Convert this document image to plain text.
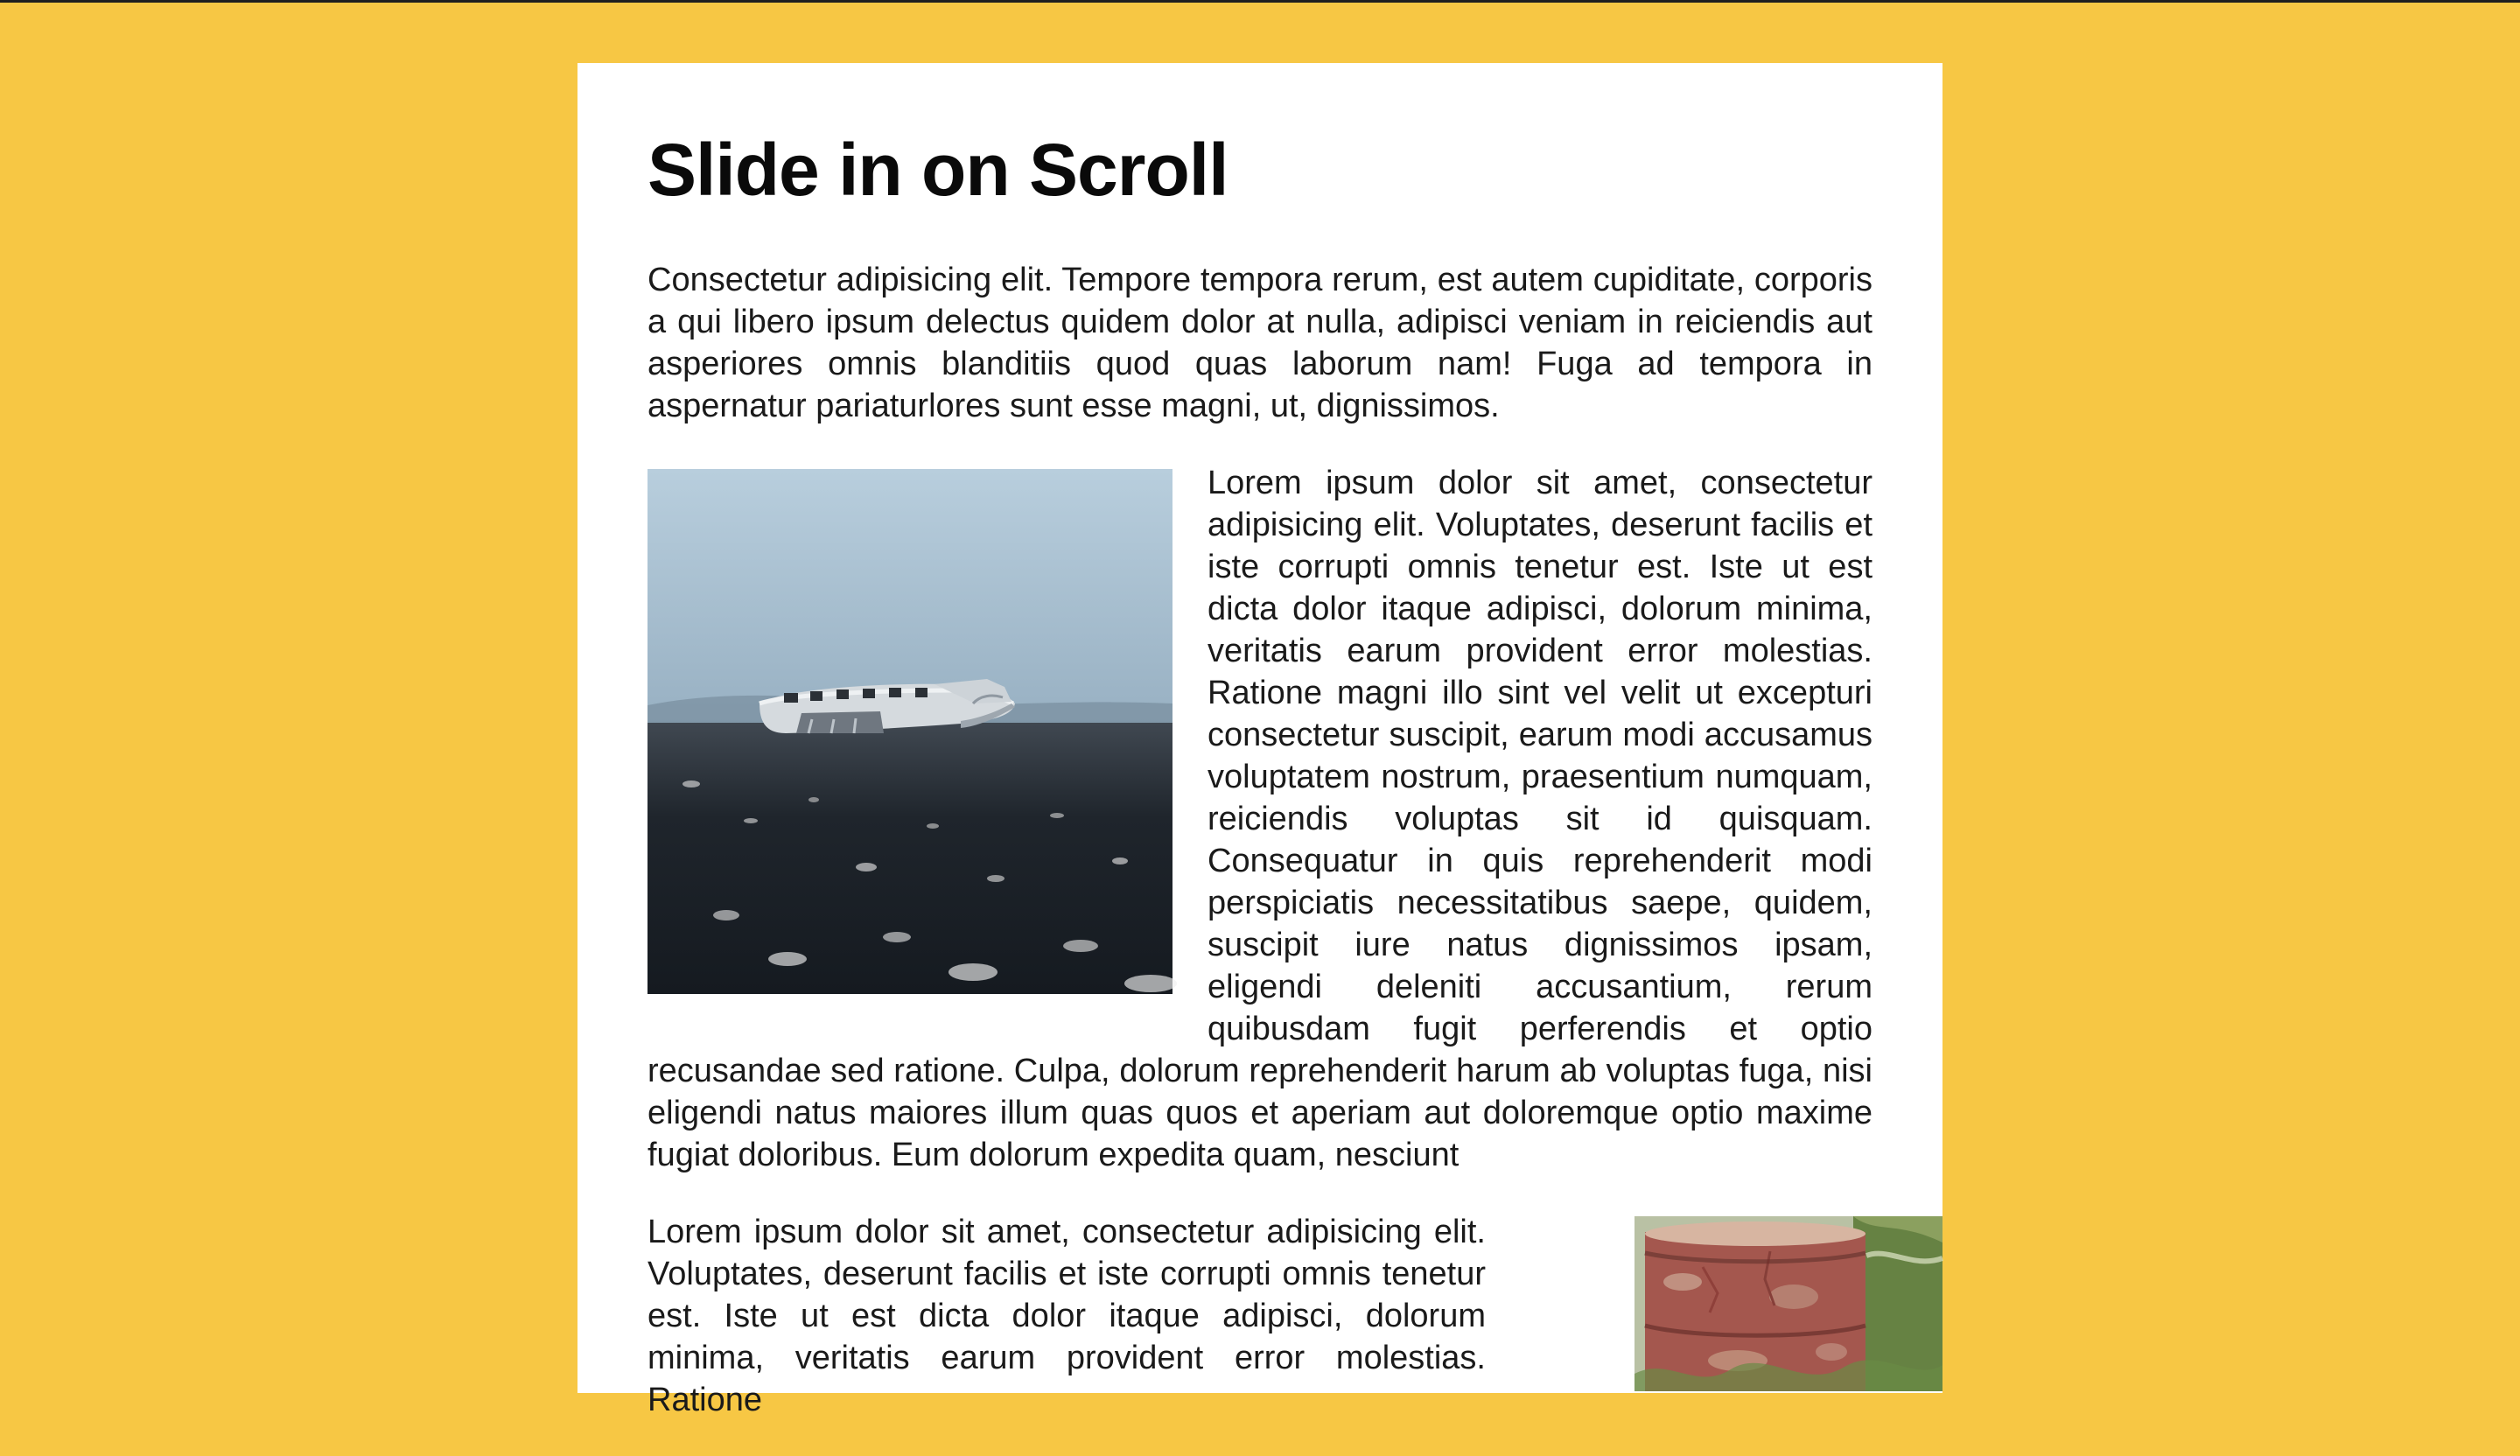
Slide in on Scroll

Consectetur adipisicing elit. Tempore tempora rerum, est autem cupiditate, corporis a qui libero ipsum delectus quidem dolor at nulla, adipisci veniam in reiciendis aut asperiores omnis blanditiis quod quas laborum nam! Fuga ad tempora in aspernatur pariaturlores sunt esse magni, ut, dignissimos.

Lorem ipsum dolor sit amet, consectetur adipisicing elit. Voluptates, deserunt facilis et iste corrupti omnis tenetur est. Iste ut est dicta dolor itaque adipisci, dolorum minima, veritatis earum provident error molestias. Ratione magni illo sint vel velit ut excepturi consectetur suscipit, earum modi accusamus voluptatem nostrum, praesentium numquam, reiciendis voluptas sit id quisquam. Consequatur in quis reprehenderit modi perspiciatis necessitatibus saepe, quidem, suscipit iure natus dignissimos ipsam, eligendi deleniti accusantium, rerum quibusdam fugit perferendis et optio recusandae sed ratione. Culpa, dolorum reprehenderit harum ab voluptas fuga, nisi eligendi natus maiores illum quas quos et aperiam aut doloremque optio maxime fugiat doloribus. Eum dolorum expedita quam, nesciunt

Lorem ipsum dolor sit amet, consectetur adipisicing elit. Voluptates, deserunt facilis et iste corrupti omnis tenetur est. Iste ut est dicta dolor itaque adipisci, dolorum minima, veritatis earum provident error molestias. Ratione
